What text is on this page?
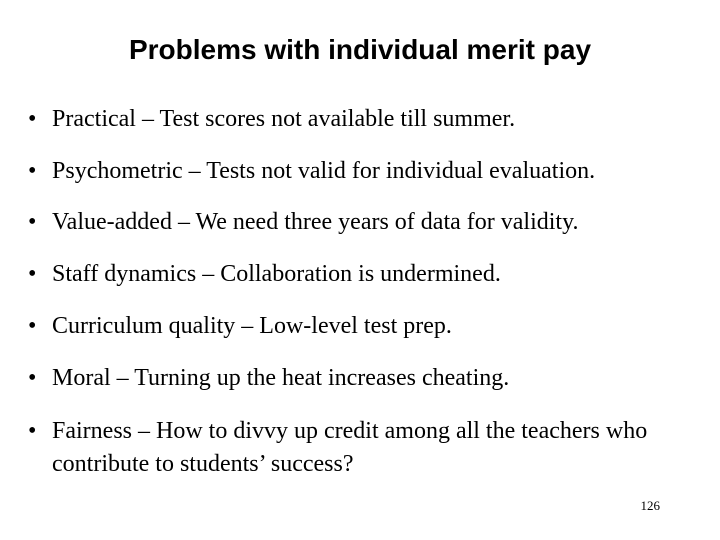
Problems with individual merit pay
• Practical – Test scores not available till summer.
• Psychometric – Tests not valid for individual evaluation.
• Value-added – We need three years of data for validity.
• Staff dynamics – Collaboration is undermined.
• Curriculum quality – Low-level test prep.
• Moral – Turning up the heat increases cheating.
• Fairness – How to divvy up credit among all the teachers who contribute to students’ success?
126
